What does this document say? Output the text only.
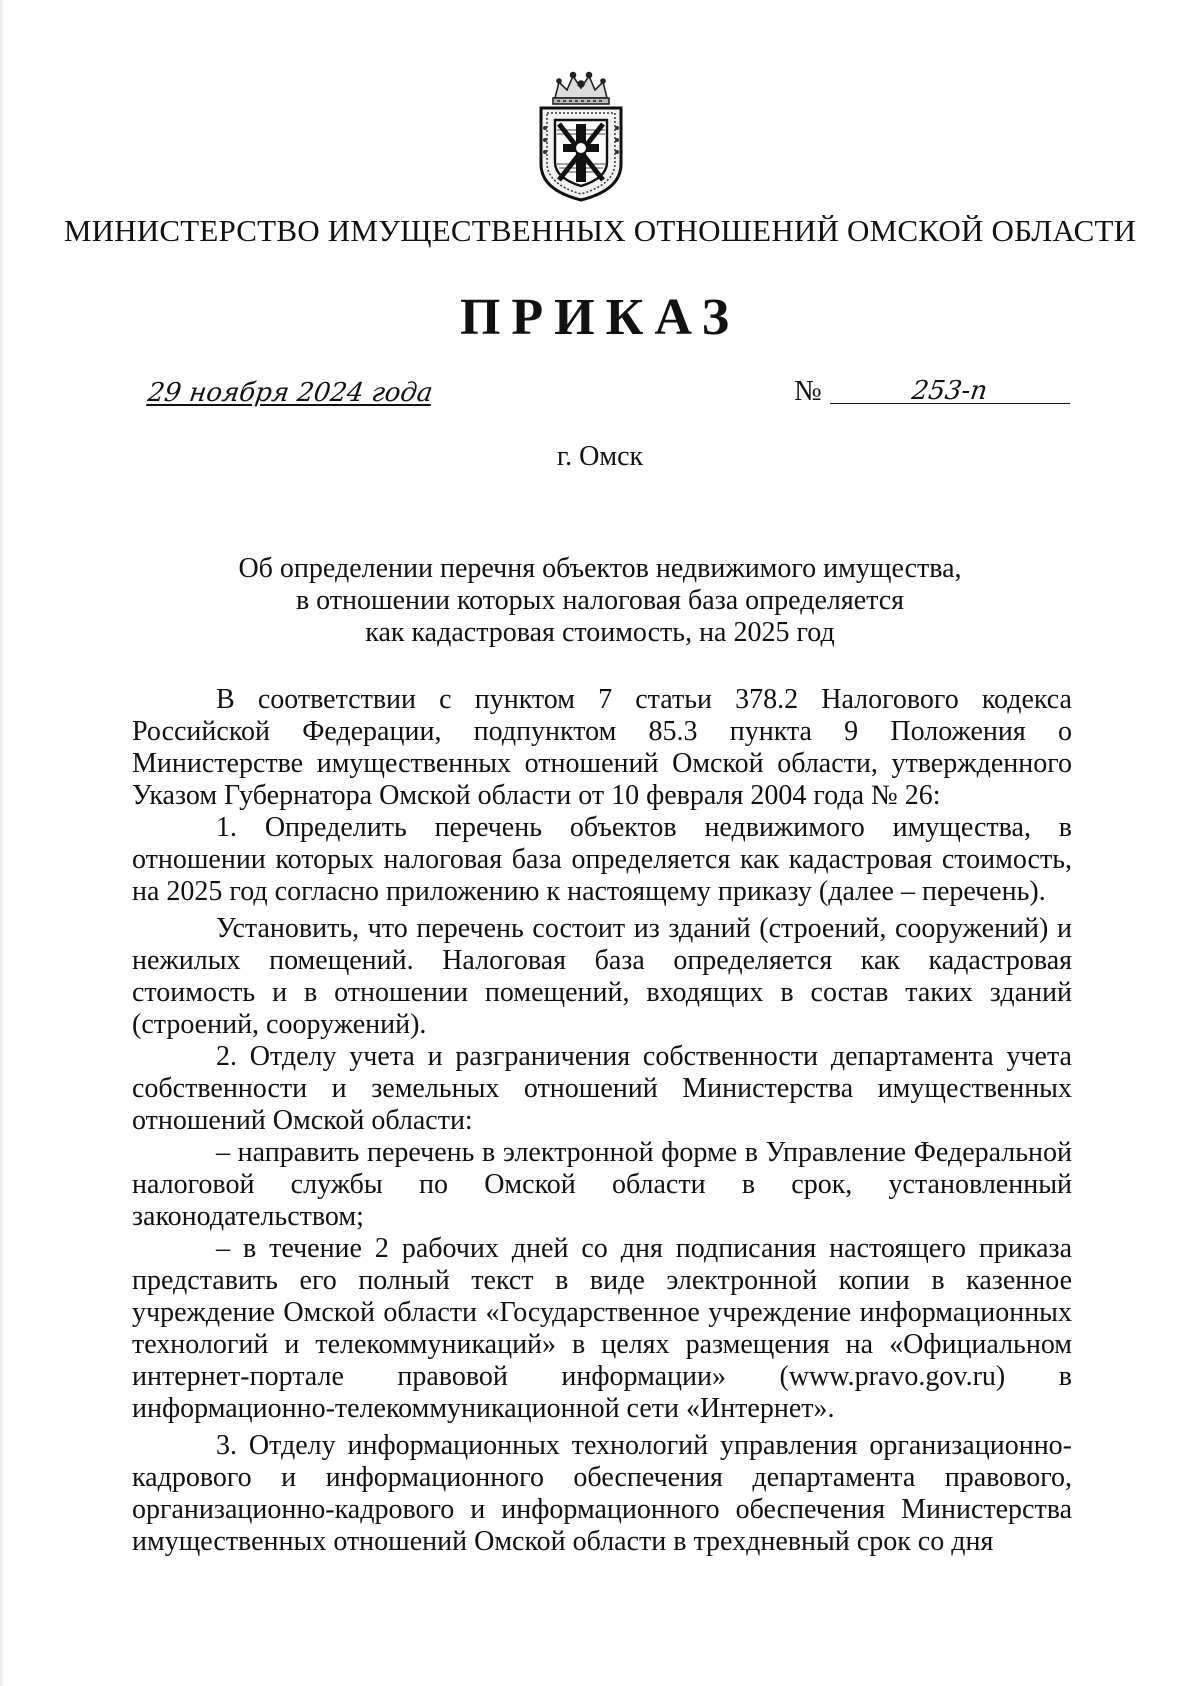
МИНИСТЕРСТВО ИМУЩЕСТВЕННЫХ ОТНОШЕНИЙ ОМСКОЙ ОБЛАСТИ
ПРИКАЗ
29 ноября 2024 года	№	253-п
г. Омск
Об определении перечня объектов недвижимого имущества,
в отношении которых налоговая база определяется
как кадастровая стоимость, на 2025 год

В соответствии с пунктом 7 статьи 378.2 Налогового кодекса Российской Федерации, подпунктом 85.3 пункта 9 Положения о Министерстве имущественных отношений Омской области, утвержденного Указом Губернатора Омской области от 10 февраля 2004 года № 26:

1. Определить перечень объектов недвижимого имущества, в отношении которых налоговая база определяется как кадастровая стоимость, на 2025 год согласно приложению к настоящему приказу (далее – перечень).

Установить, что перечень состоит из зданий (строений, сооружений) и нежилых помещений. Налоговая база определяется как кадастровая стоимость и в отношении помещений, входящих в состав таких зданий (строений, сооружений).

2. Отделу учета и разграничения собственности департамента учета собственности и земельных отношений Министерства имущественных отношений Омской области:

– направить перечень в электронной форме в Управление Федеральной налоговой службы по Омской области в срок, установленный законодательством;

– в течение 2 рабочих дней со дня подписания настоящего приказа представить его полный текст в виде электронной копии в казенное учреждение Омской области «Государственное учреждение информационных технологий и телекоммуникаций» в целях размещения на «Официальном интернет-портале правовой информации» (www.pravo.gov.ru) в информационно-телекоммуникационной сети «Интернет».

3. Отделу информационных технологий управления организационно-кадрового и информационного обеспечения департамента правового, организационно-кадрового и информационного обеспечения Министерства имущественных отношений Омской области в трехдневный срок со дня
